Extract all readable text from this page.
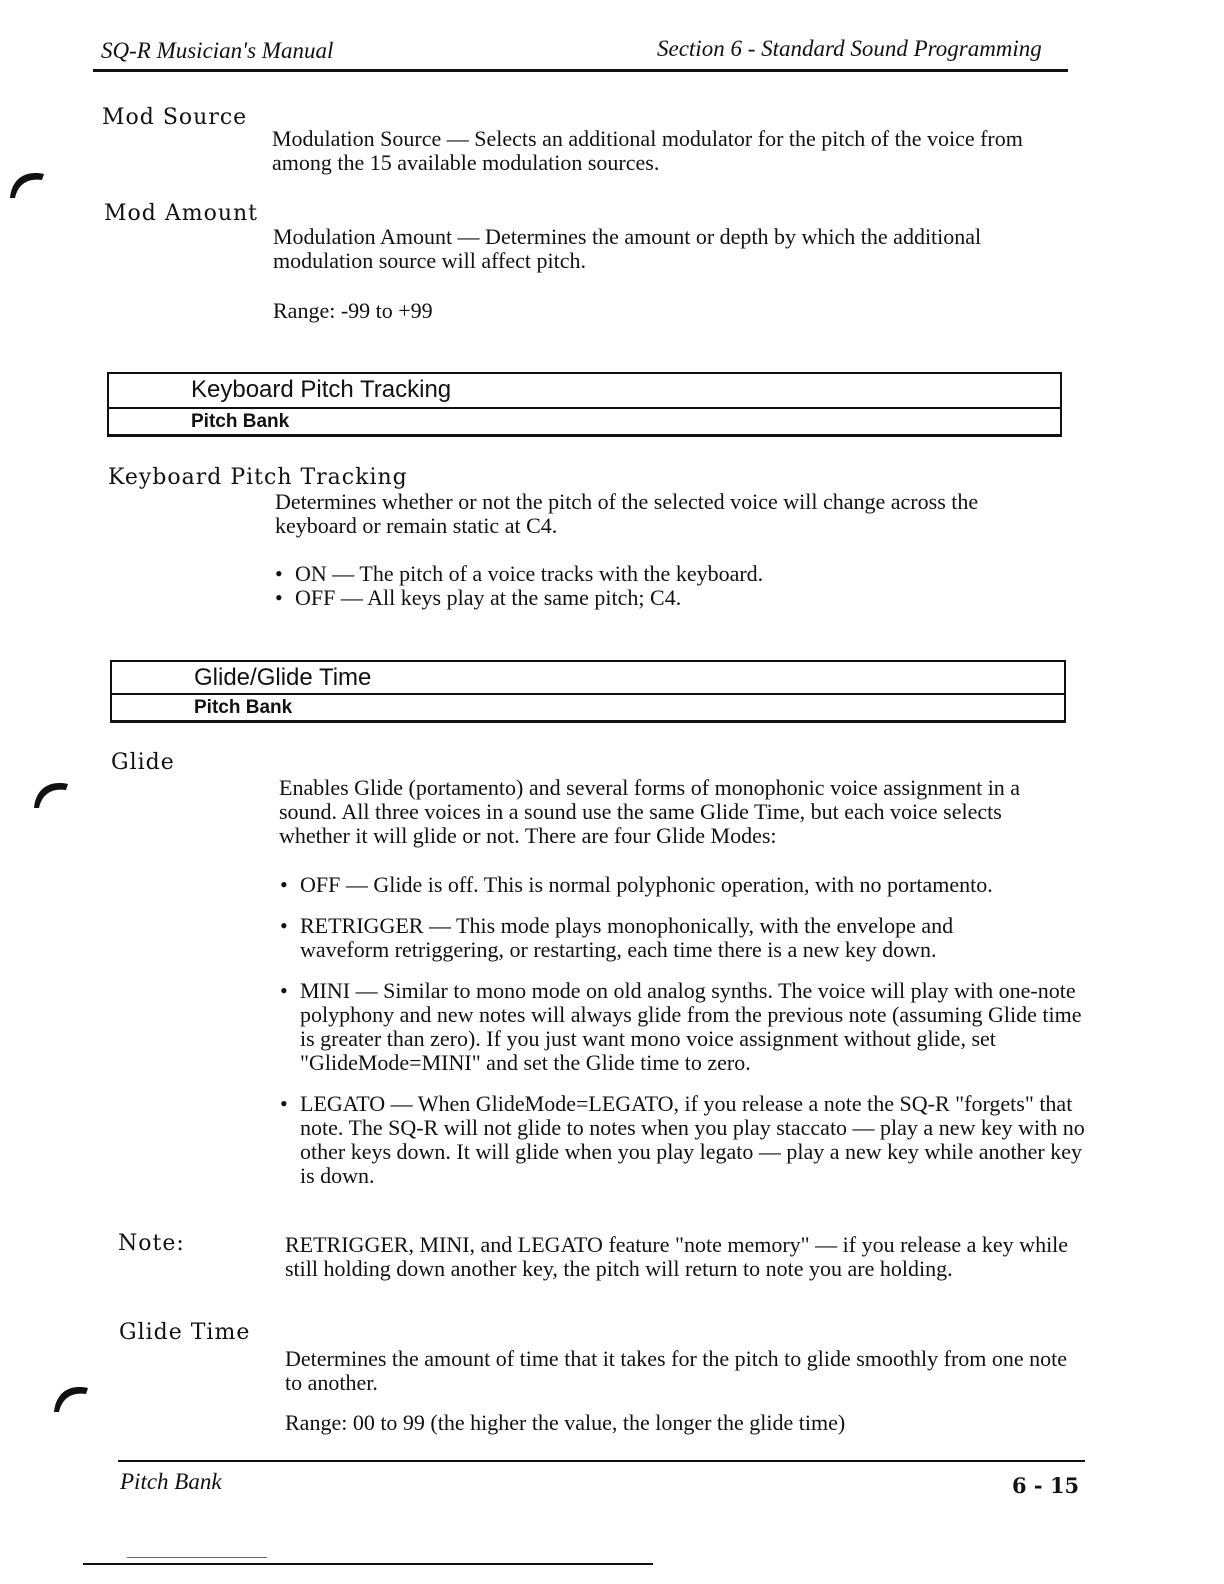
SQ-R Musician's Manual	Section 6 - Standard Sound Programming
Mod Source
Modulation Source — Selects an additional modulator for the pitch of the voice from among the 15 available modulation sources.
Mod Amount
Modulation Amount — Determines the amount or depth by which the additional modulation source will affect pitch.
Range: -99 to +99
Keyboard Pitch Tracking
Pitch Bank
Keyboard Pitch Tracking
Determines whether or not the pitch of the selected voice will change across the keyboard or remain static at C4.
• ON — The pitch of a voice tracks with the keyboard.
• OFF — All keys play at the same pitch; C4.
Glide/Glide Time
Pitch Bank
Glide
Enables Glide (portamento) and several forms of monophonic voice assignment in a sound. All three voices in a sound use the same Glide Time, but each voice selects whether it will glide or not. There are four Glide Modes:
• OFF — Glide is off. This is normal polyphonic operation, with no portamento.
• RETRIGGER — This mode plays monophonically, with the envelope and waveform retriggering, or restarting, each time there is a new key down.
• MINI — Similar to mono mode on old analog synths. The voice will play with one-note polyphony and new notes will always glide from the previous note (assuming Glide time is greater than zero). If you just want mono voice assignment without glide, set "GlideMode=MINI" and set the Glide time to zero.
• LEGATO — When GlideMode=LEGATO, if you release a note the SQ-R "forgets" that note. The SQ-R will not glide to notes when you play staccato — play a new key with no other keys down. It will glide when you play legato — play a new key while another key is down.
Note:	RETRIGGER, MINI, and LEGATO feature "note memory" — if you release a key while still holding down another key, the pitch will return to note you are holding.
Glide Time
Determines the amount of time that it takes for the pitch to glide smoothly from one note to another.
Range: 00 to 99 (the higher the value, the longer the glide time)
Pitch Bank	6 - 15
